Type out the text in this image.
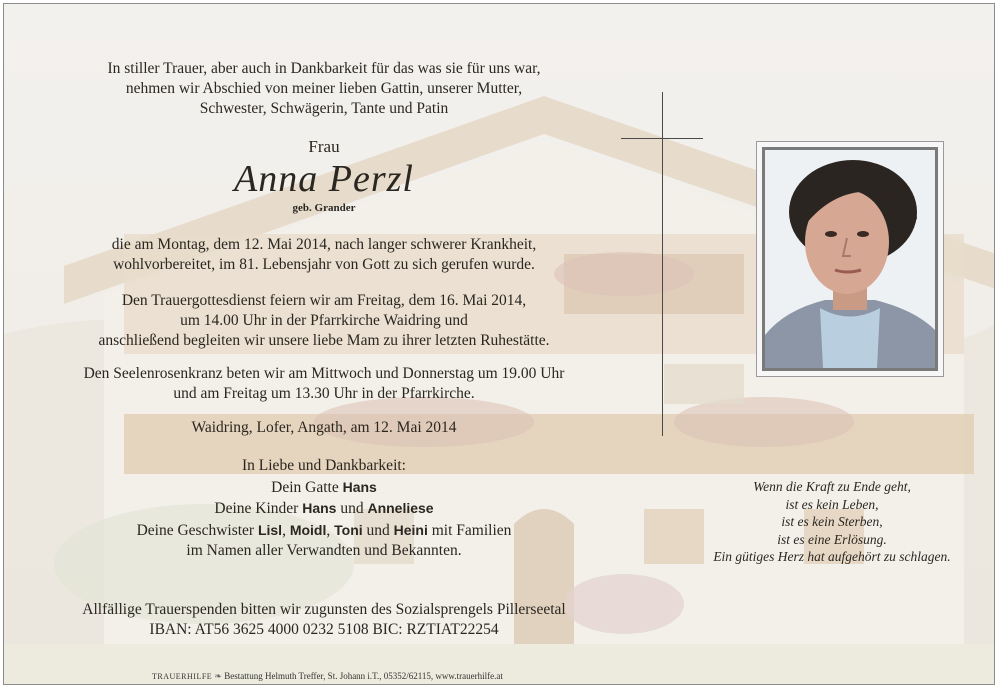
In stiller Trauer, aber auch in Dankbarkeit für das was sie für uns war,
nehmen wir Abschied von meiner lieben Gattin, unserer Mutter,
Schwester, Schwägerin, Tante und Patin
Frau
Anna Perzl
geb. Grander
die am Montag, dem 12. Mai 2014, nach langer schwerer Krankheit,
wohlvorbereitet, im 81. Lebensjahr von Gott zu sich gerufen wurde.
Den Trauergottesdienst feiern wir am Freitag, dem 16. Mai 2014,
um 14.00 Uhr in der Pfarrkirche Waidring und
anschließend begleiten wir unsere liebe Mam zu ihrer letzten Ruhestätte.
Den Seelenrosenkranz beten wir am Mittwoch und Donnerstag um 19.00 Uhr
und am Freitag um 13.30 Uhr in der Pfarrkirche.
Waidring, Lofer, Angath, am 12. Mai 2014
In Liebe und Dankbarkeit:
Dein Gatte Hans
Deine Kinder Hans und Anneliese
Deine Geschwister Lisl, Moidl, Toni und Heini mit Familien
im Namen aller Verwandten und Bekannten.
Allfällige Trauerspenden bitten wir zugunsten des Sozialsprengels Pillerseetal
IBAN: AT56 3625 4000 0232 5108 BIC: RZTIAT22254
Wenn die Kraft zu Ende geht,
ist es kein Leben,
ist es kein Sterben,
ist es eine Erlösung.
Ein gütiges Herz hat aufgehört zu schlagen.
TRAUERHILFE ❧ Bestattung Helmuth Treffer, St. Johann i.T., 05352/62115, www.trauerhilfe.at
